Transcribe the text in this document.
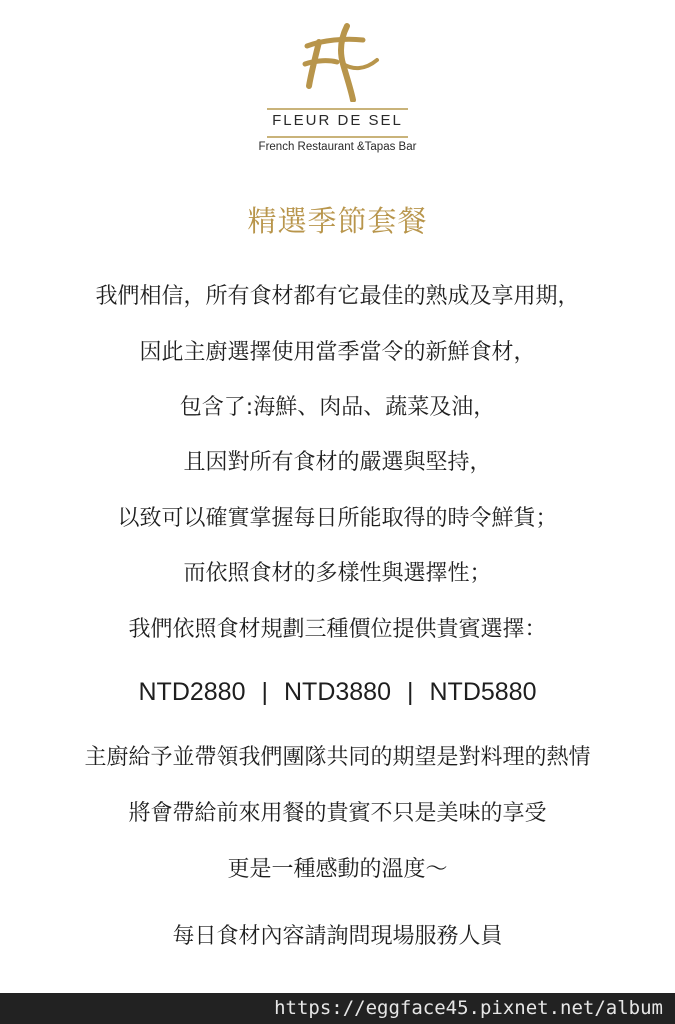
FLEUR DE SEL
French Restaurant &Tapas Bar
精選季節套餐
我們相信，所有食材都有它最佳的熟成及享用期，
因此主廚選擇使用當季當令的新鮮食材，
包含了:海鮮、肉品、蔬菜及油，
且因對所有食材的嚴選與堅持，
以致可以確實掌握每日所能取得的時令鮮貨；
而依照食材的多樣性與選擇性；
我們依照食材規劃三種價位提供貴賓選擇：
NTD2880 | NTD3880 | NTD5880
主廚給予並帶領我們團隊共同的期望是對料理的熱情
將會帶給前來用餐的貴賓不只是美味的享受
更是一種感動的溫度～
每日食材內容請詢問現場服務人員
https://eggface45.pixnet.net/album
